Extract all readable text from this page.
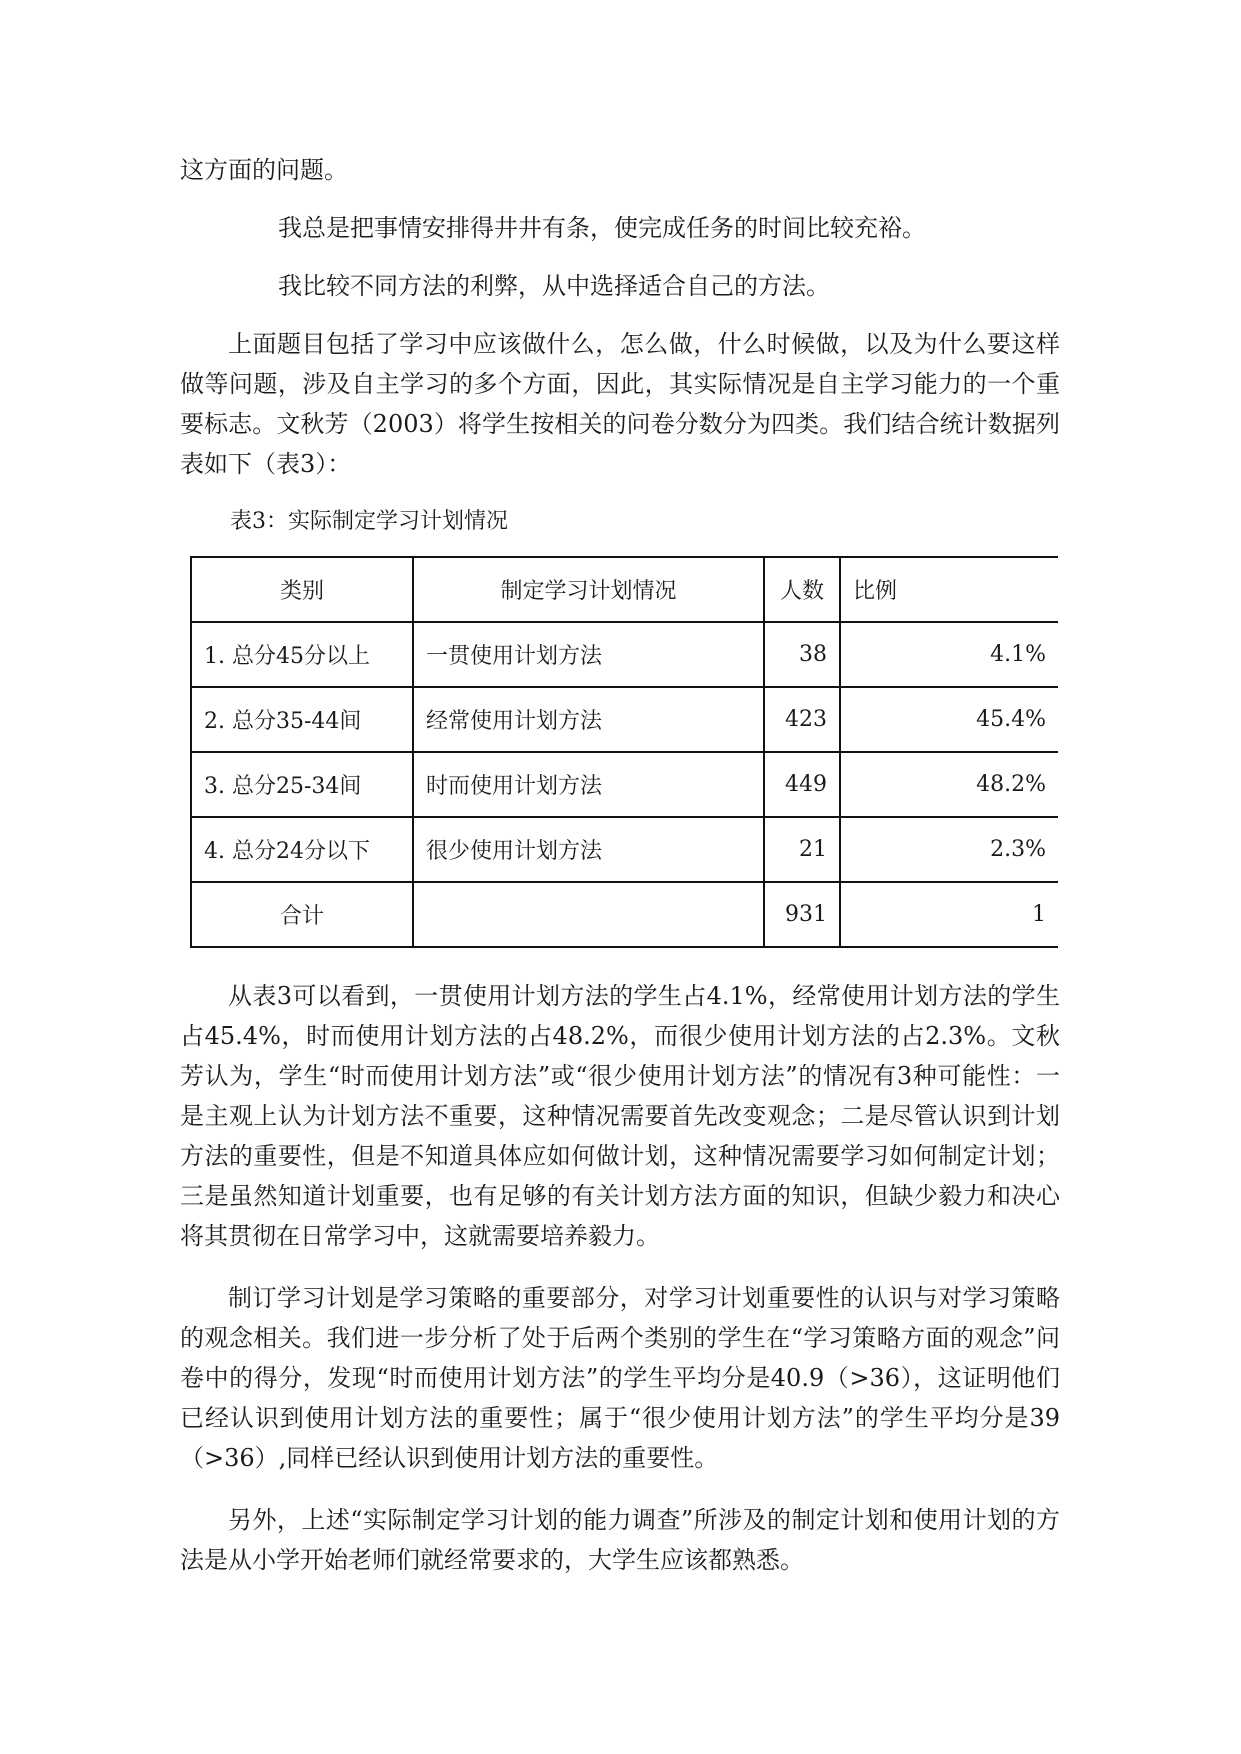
这方面的问题。

我总是把事情安排得井井有条，使完成任务的时间比较充裕。

我比较不同方法的利弊，从中选择适合自己的方法。

上面题目包括了学习中应该做什么，怎么做，什么时候做，以及为什么要这样做等问题，涉及自主学习的多个方面，因此，其实际情况是自主学习能力的一个重要标志。文秋芳（2003）将学生按相关的问卷分数分为四类。我们结合统计数据列表如下（表3）：

表3：实际制定学习计划情况

类别	制定学习计划情况	人数	比例
1. 总分45分以上	一贯使用计划方法	38	4.1%
2. 总分35-44间	经常使用计划方法	423	45.4%
3. 总分25-34间	时而使用计划方法	449	48.2%
4. 总分24分以下	很少使用计划方法	21	2.3%
合计		931	1

从表3可以看到，一贯使用计划方法的学生占4.1%，经常使用计划方法的学生占45.4%，时而使用计划方法的占48.2%，而很少使用计划方法的占2.3%。文秋芳认为，学生“时而使用计划方法”或“很少使用计划方法”的情况有3种可能性：一是主观上认为计划方法不重要，这种情况需要首先改变观念；二是尽管认识到计划方法的重要性，但是不知道具体应如何做计划，这种情况需要学习如何制定计划；三是虽然知道计划重要，也有足够的有关计划方法方面的知识，但缺少毅力和决心将其贯彻在日常学习中，这就需要培养毅力。

制订学习计划是学习策略的重要部分，对学习计划重要性的认识与对学习策略的观念相关。我们进一步分析了处于后两个类别的学生在“学习策略方面的观念”问卷中的得分，发现“时而使用计划方法”的学生平均分是40.9（>36），这证明他们已经认识到使用计划方法的重要性；属于“很少使用计划方法”的学生平均分是39（>36）,同样已经认识到使用计划方法的重要性。

另外，上述“实际制定学习计划的能力调查”所涉及的制定计划和使用计划的方法是从小学开始老师们就经常要求的，大学生应该都熟悉。
